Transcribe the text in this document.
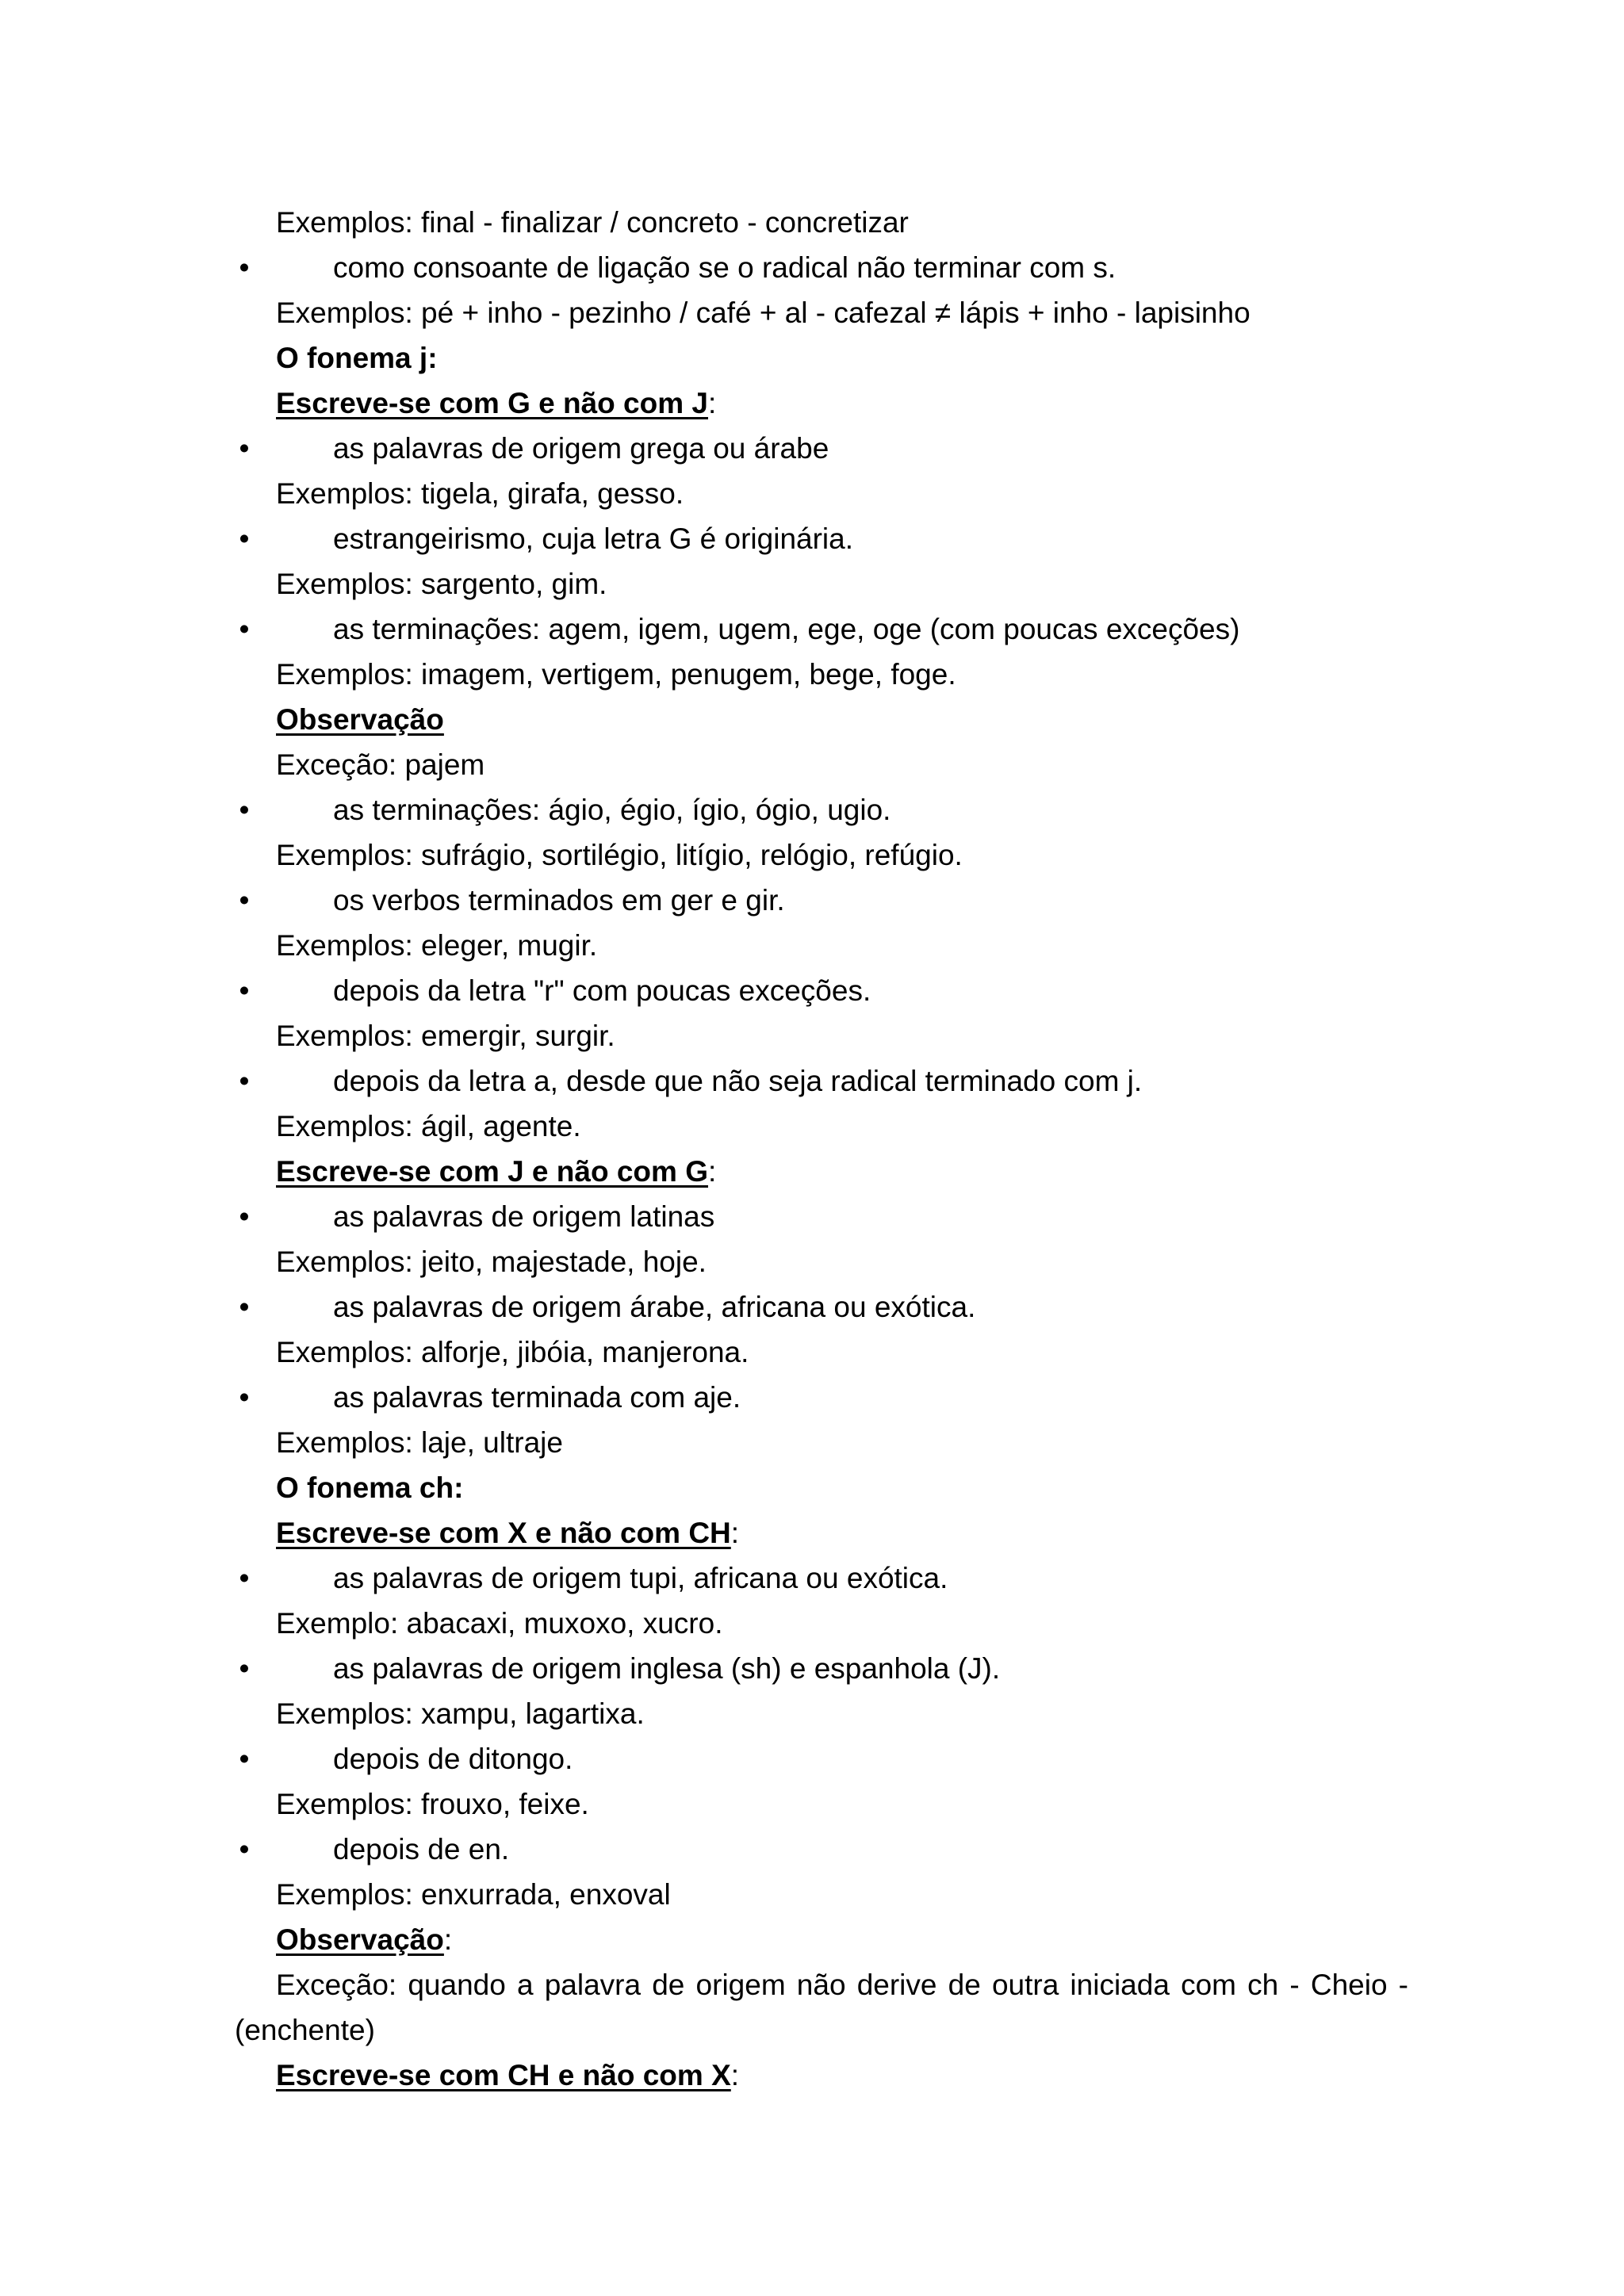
Exemplos: final - finalizar / concreto - concretizar
•	como consoante de ligação se o radical não terminar com s.
Exemplos: pé + inho - pezinho / café + al - cafezal ≠ lápis + inho - lapisinho
O fonema j:
Escreve-se com G e não com J:
•	as palavras de origem grega ou árabe
Exemplos: tigela, girafa, gesso.
•	estrangeirismo, cuja letra G é originária.
Exemplos: sargento, gim.
•	as terminações: agem, igem, ugem, ege, oge (com poucas exceções)
Exemplos: imagem, vertigem, penugem, bege, foge.
Observação
Exceção: pajem
•	as terminações: ágio, égio, ígio, ógio, ugio.
Exemplos: sufrágio, sortilégio, litígio, relógio, refúgio.
•	os verbos terminados em ger e gir.
Exemplos: eleger, mugir.
•	depois da letra "r" com poucas exceções.
Exemplos: emergir, surgir.
•	depois da letra a, desde que não seja radical terminado com j.
Exemplos: ágil, agente.
Escreve-se com J e não com G:
•	as palavras de origem latinas
Exemplos: jeito, majestade, hoje.
•	as palavras de origem árabe, africana ou exótica.
Exemplos: alforje, jibóia, manjerona.
•	as palavras terminada com aje.
Exemplos: laje, ultraje
O fonema ch:
Escreve-se com X e não com CH:
•	as palavras de origem tupi, africana ou exótica.
Exemplo: abacaxi, muxoxo, xucro.
•	as palavras de origem inglesa (sh) e espanhola (J).
Exemplos: xampu, lagartixa.
•	depois de ditongo.
Exemplos: frouxo, feixe.
•	depois de en.
Exemplos: enxurrada, enxoval
Observação:
Exceção: quando a palavra de origem não derive de outra iniciada com ch - Cheio - (enchente)
Escreve-se com CH e não com X:
